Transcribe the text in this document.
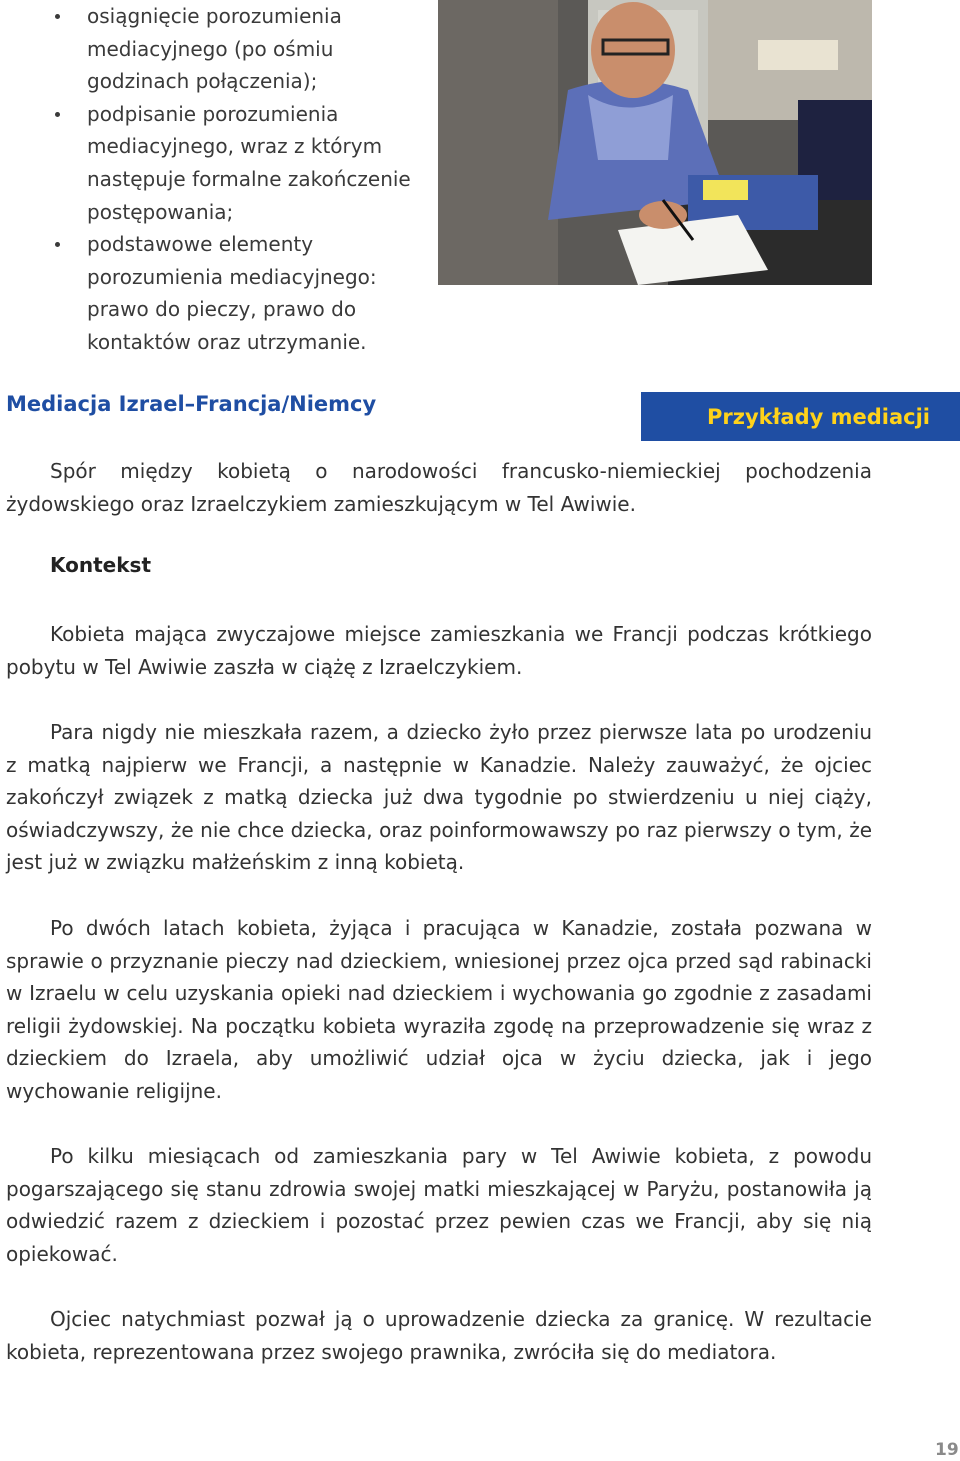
osiągnięcie porozumienia mediacyjnego (po ośmiu godzinach połączenia);
podpisanie porozumienia mediacyjnego, wraz z którym następuje formalne zakończenie postępowania;
podstawowe elementy porozumienia mediacyjnego: prawo do pieczy, prawo do kontaktów oraz utrzymanie.
Mediacja Izrael–Francja/Niemcy
Przykłady mediacji

Spór między kobietą o narodowości francusko-niemieckiej pochodzenia żydowskiego oraz Izraelczykiem zamieszkującym w Tel Awiwie.

Kontekst

Kobieta mająca zwyczajowe miejsce zamieszkania we Francji podczas krótkiego pobytu w Tel Awiwie zaszła w ciążę z Izraelczykiem.

Para nigdy nie mieszkała razem, a dziecko żyło przez pierwsze lata po urodzeniu z matką najpierw we Francji, a następnie w Kanadzie. Należy zauważyć, że ojciec zakończył związek z matką dziecka już dwa tygodnie po stwierdzeniu u niej ciąży, oświadczywszy, że nie chce dziecka, oraz poinformowawszy po raz pierwszy o tym, że jest już w związku małżeńskim z inną kobietą.

Po dwóch latach kobieta, żyjąca i pracująca w Kanadzie, została pozwana w sprawie o przyznanie pieczy nad dzieckiem, wniesionej przez ojca przed sąd rabinacki w Izraelu w celu uzyskania opieki nad dzieckiem i wychowania go zgodnie z zasadami religii żydowskiej. Na początku kobieta wyraziła zgodę na przeprowadzenie się wraz z dzieckiem do Izraela, aby umożliwić udział ojca w życiu dziecka, jak i jego wychowanie religijne.

Po kilku miesiącach od zamieszkania pary w Tel Awiwie kobieta, z powodu pogarszającego się stanu zdrowia swojej matki mieszkającej w Paryżu, postanowiła ją odwiedzić razem z dzieckiem i pozostać przez pewien czas we Francji, aby się nią opiekować.

Ojciec natychmiast pozwał ją o uprowadzenie dziecka za granicę. W rezultacie kobieta, reprezentowana przez swojego prawnika, zwróciła się do mediatora.

19
